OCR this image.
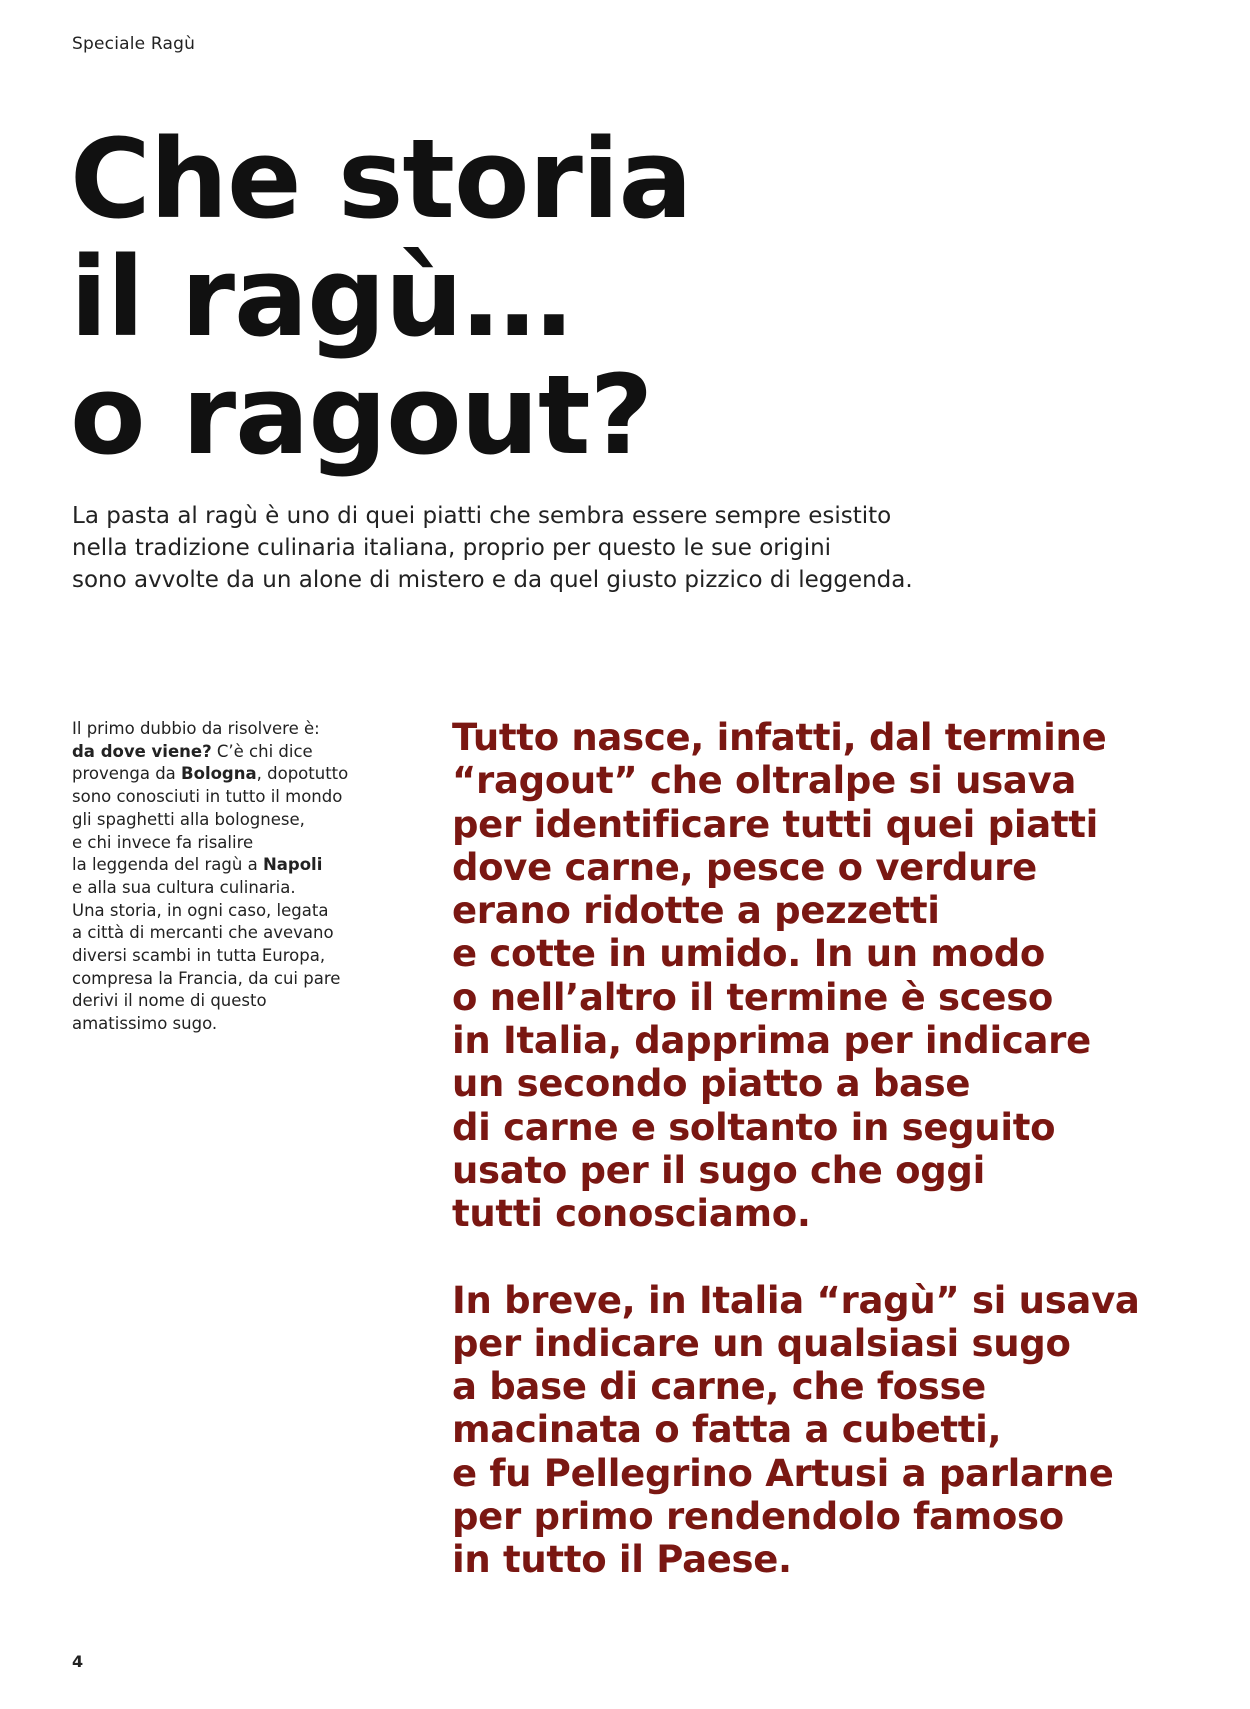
Speciale Ragù
Che storia
il ragù…
o ragout?
La pasta al ragù è uno di quei piatti che sembra essere sempre esistito
nella tradizione culinaria italiana, proprio per questo le sue origini
sono avvolte da un alone di mistero e da quel giusto pizzico di leggenda.
Il primo dubbio da risolvere è:
da dove viene? C’è chi dice
provenga da Bologna, dopotutto
sono conosciuti in tutto il mondo
gli spaghetti alla bolognese,
e chi invece fa risalire
la leggenda del ragù a Napoli
e alla sua cultura culinaria.
Una storia, in ogni caso, legata
a città di mercanti che avevano
diversi scambi in tutta Europa,
compresa la Francia, da cui pare
derivi il nome di questo
amatissimo sugo.
Tutto nasce, infatti, dal termine
“ragout” che oltralpe si usava
per identificare tutti quei piatti
dove carne, pesce o verdure
erano ridotte a pezzetti
e cotte in umido. In un modo
o nell’altro il termine è sceso
in Italia, dapprima per indicare
un secondo piatto a base
di carne e soltanto in seguito
usato per il sugo che oggi
tutti conosciamo.
In breve, in Italia “ragù” si usava
per indicare un qualsiasi sugo
a base di carne, che fosse
macinata o fatta a cubetti,
e fu Pellegrino Artusi a parlarne
per primo rendendolo famoso
in tutto il Paese.
4
